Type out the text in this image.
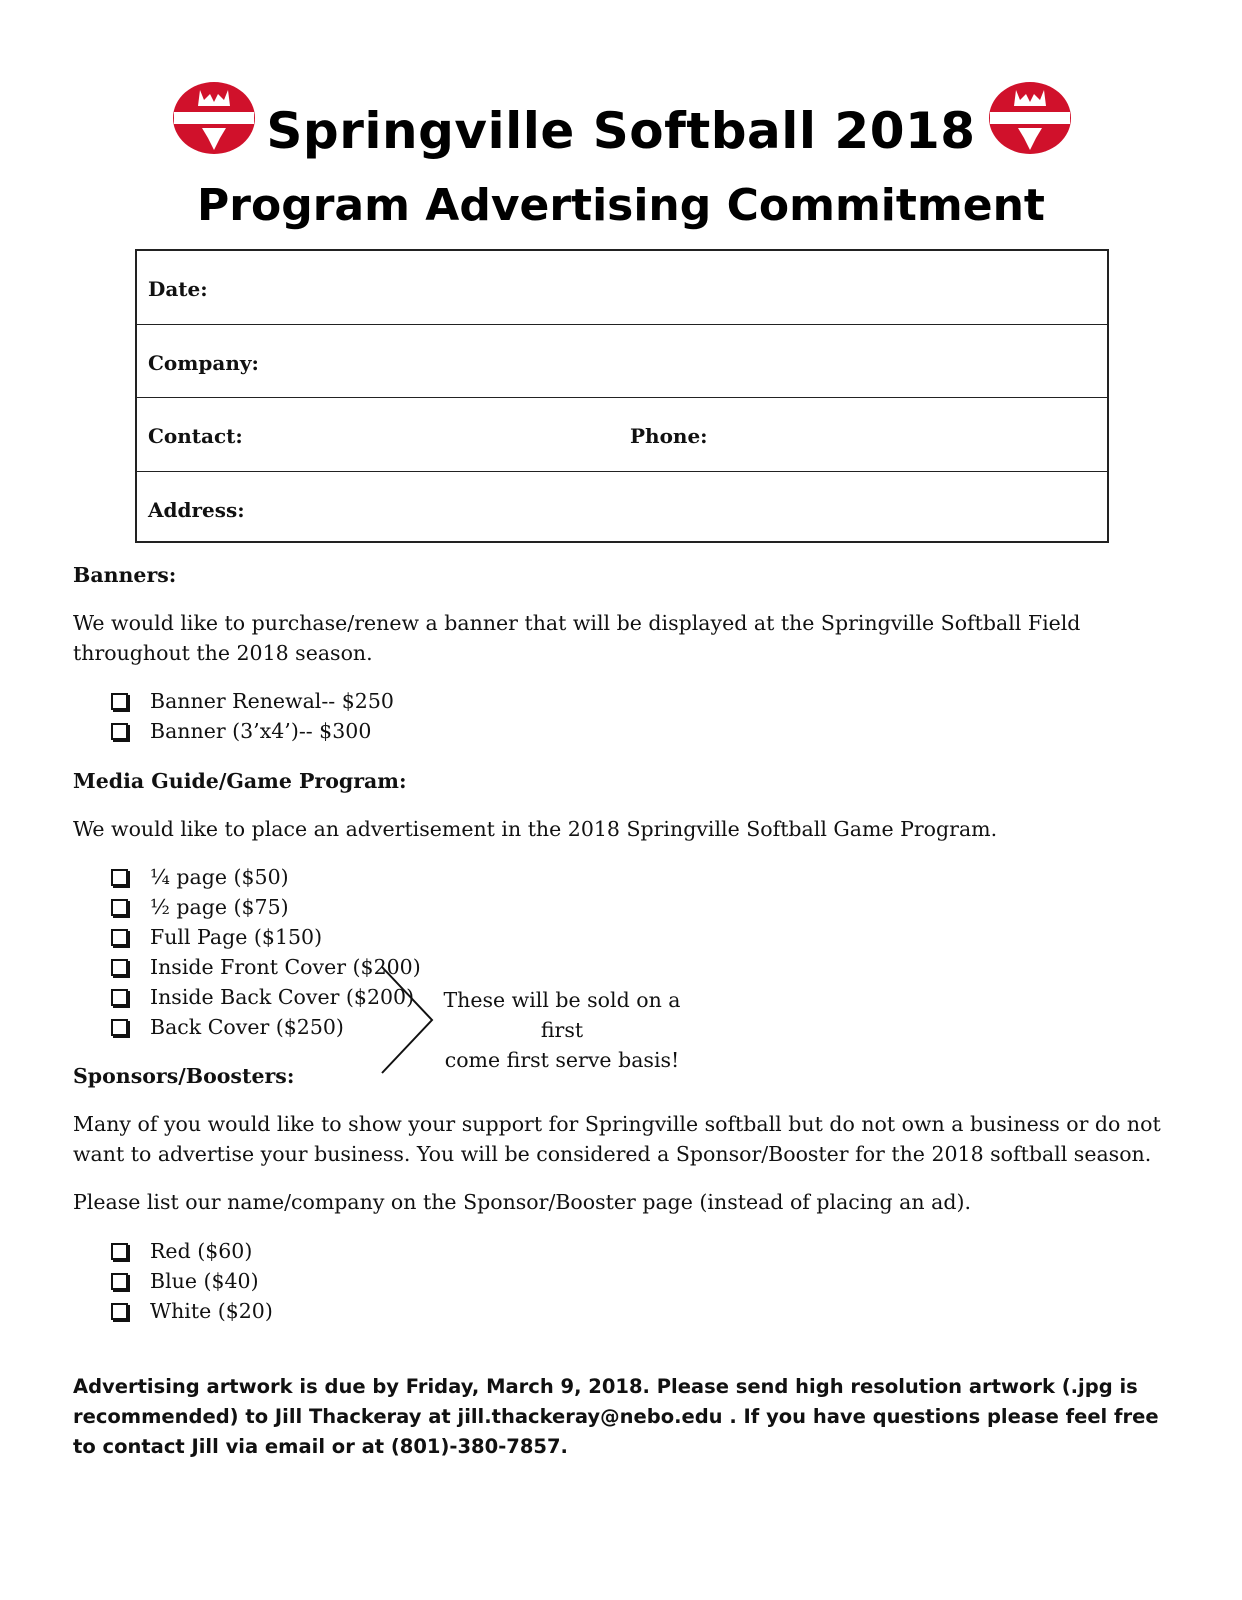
Springville Softball 2018
Program Advertising Commitment
Date:
Company:
Contact:	Phone:
Address:
Banners:
We would like to purchase/renew a banner that will be displayed at the Springville Softball Field throughout the 2018 season.
Banner Renewal-- $250
Banner (3’x4’)-- $300
Media Guide/Game Program:
We would like to place an advertisement in the 2018 Springville Softball Game Program.
¼ page ($50)
½ page ($75)
Full Page ($150)
Inside Front Cover ($200)
Inside Back Cover ($200)
Back Cover ($250)
These will be sold on a first
come first serve basis!
Sponsors/Boosters:
Many of you would like to show your support for Springville softball but do not own a business or do not want to advertise your business. You will be considered a Sponsor/Booster for the 2018 softball season.
Please list our name/company on the Sponsor/Booster page (instead of placing an ad).
Red ($60)
Blue ($40)
White ($20)
Advertising artwork is due by Friday, March 9, 2018. Please send high resolution artwork (.jpg is recommended) to Jill Thackeray at jill.thackeray@nebo.edu . If you have questions please feel free to contact Jill via email or at (801)-380-7857.
